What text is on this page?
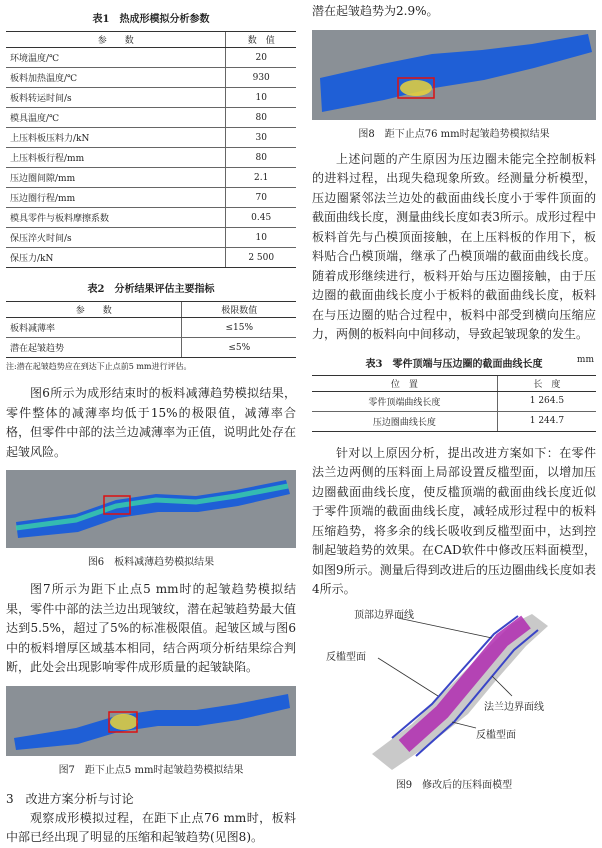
表1　热成形模拟分析参数

参　　数	数　值
环境温度/℃	20
板料加热温度/℃	930
板料转运时间/s	10
模具温度/℃	80
上压料板压料力/kN	30
上压料板行程/mm	80
压边圈间隙/mm	2.1
压边圈行程/mm	70
模具零件与板料摩擦系数	0.45
保压淬火时间/s	10
保压力/kN	2 500

表2　分析结果评估主要指标

参　　数	极限数值
板料减薄率	≤15%
潜在起皱趋势	≤5%

注:潜在起皱趋势应在到达下止点前5 mm进行评估。

图6所示为成形结束时的板料减薄趋势模拟结果，零件整体的减薄率均低于15%的极限值，减薄率合格，但零件中部的法兰边减薄率为正值，说明此处存在起皱风险。

图6　板料减薄趋势模拟结果

图7所示为距下止点5 mm时的起皱趋势模拟结果，零件中部的法兰边出现皱纹，潜在起皱趋势最大值达到5.5%，超过了5%的标准极限值。起皱区域与图6中的板料增厚区域基本相同，结合两项分析结果综合判断，此处会出现影响零件成形质量的起皱缺陷。

图7　距下止点5 mm时起皱趋势模拟结果

3　改进方案分析与讨论

观察成形模拟过程，在距下止点76 mm时，板料中部已经出现了明显的压缩和起皱趋势(见图8)。

潜在起皱趋势为2.9%。

图8　距下止点76 mm时起皱趋势模拟结果

上述问题的产生原因为压边圈未能完全控制板料的进料过程，出现失稳现象所致。经测量分析模型，压边圈紧邻法兰边处的截面曲线长度小于零件顶面的截面曲线长度，测量曲线长度如表3所示。成形过程中板料首先与凸模顶面接触，在上压料板的作用下，板料贴合凸模顶端，继承了凸模顶端的截面曲线长度。随着成形继续进行，板料开始与压边圈接触，由于压边圈的截面曲线长度小于板料的截面曲线长度，板料在与压边圈的贴合过程中，板料中部受到横向压缩应力，两侧的板料向中间移动，导致起皱现象的发生。

表3　零件顶端与压边圈的截面曲线长度	mm
位　置	长　度
零件顶端曲线长度	1 264.5
压边圈曲线长度	1 244.7

针对以上原因分析，提出改进方案如下：在零件法兰边两侧的压料面上局部设置反槛型面，以增加压边圈截面曲线长度，使反槛顶端的截面曲线长度近似于零件顶端的截面曲线长度，减轻成形过程中的板料压缩趋势，将多余的线长吸收到反槛型面中，达到控制起皱趋势的效果。在CAD软件中修改压料面模型，如图9所示。测量后得到改进后的压边圈曲线长度如表4所示。

顶部边界面线
反槛型面
法兰边界面线
反槛型面

图9　修改后的压料面模型
